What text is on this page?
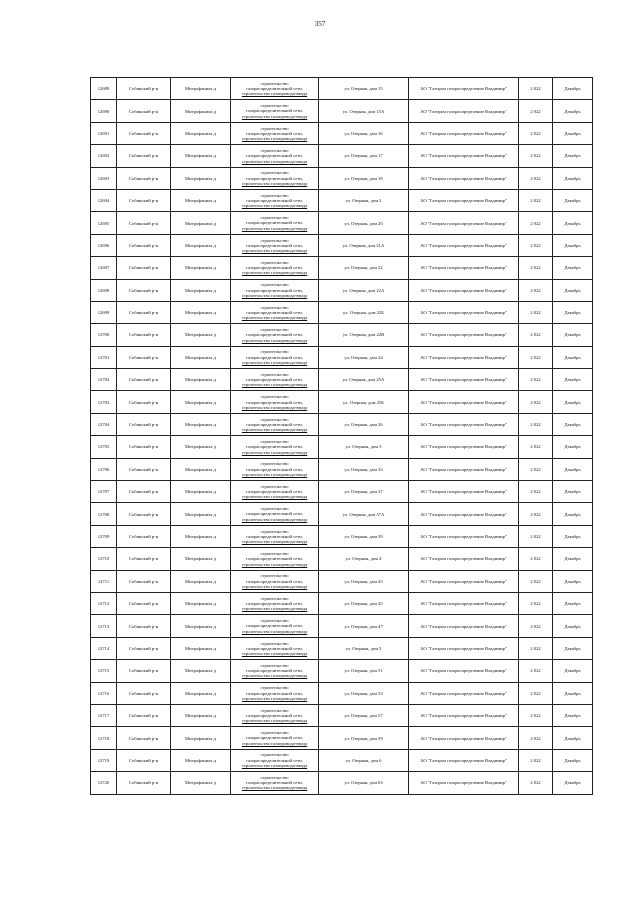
357
12689	Собинский р-н	Митрофаниха д	строительство
газораспределительной сети,
строительство газопровода-ввода	ул. Озерная, дом 15	АО "Газпром газораспределение Владимир"	2 022	Декабрь
12690	Собинский р-н	Митрофаниха д	строительство
газораспределительной сети,
строительство газопровода-ввода	ул. Озерная, дом 15А	АО "Газпром газораспределение Владимир"	2 022	Декабрь
12691	Собинский р-н	Митрофаниха д	строительство
газораспределительной сети,
строительство газопровода-ввода	ул. Озерная, дом 16	АО "Газпром газораспределение Владимир"	2 022	Декабрь
12692	Собинский р-н	Митрофаниха д	строительство
газораспределительной сети,
строительство газопровода-ввода	ул. Озерная, дом 17	АО "Газпром газораспределение Владимир"	2 022	Декабрь
12693	Собинский р-н	Митрофаниха д	строительство
газораспределительной сети,
строительство газопровода-ввода	ул. Озерная, дом 18	АО "Газпром газораспределение Владимир"	2 022	Декабрь
12694	Собинский р-н	Митрофаниха д	строительство
газораспределительной сети,
строительство газопровода-ввода	ул. Озерная, дом 2	АО "Газпром газораспределение Владимир"	2 022	Декабрь
12695	Собинский р-н	Митрофаниха д	строительство
газораспределительной сети,
строительство газопровода-ввода	ул. Озерная, дом 20	АО "Газпром газораспределение Владимир"	2 022	Декабрь
12696	Собинский р-н	Митрофаниха д	строительство
газораспределительной сети,
строительство газопровода-ввода	ул. Озерная, дом 21А	АО "Газпром газораспределение Владимир"	2 022	Декабрь
12697	Собинский р-н	Митрофаниха д	строительство
газораспределительной сети,
строительство газопровода-ввода	ул. Озерная, дом 22	АО "Газпром газораспределение Владимир"	2 022	Декабрь
12698	Собинский р-н	Митрофаниха д	строительство
газораспределительной сети,
строительство газопровода-ввода	ул. Озерная, дом 22А	АО "Газпром газораспределение Владимир"	2 022	Декабрь
12699	Собинский р-н	Митрофаниха д	строительство
газораспределительной сети,
строительство газопровода-ввода	ул. Озерная, дом 22Б	АО "Газпром газораспределение Владимир"	2 022	Декабрь
12700	Собинский р-н	Митрофаниха д	строительство
газораспределительной сети,
строительство газопровода-ввода	ул. Озерная, дом 22В	АО "Газпром газораспределение Владимир"	2 022	Декабрь
12701	Собинский р-н	Митрофаниха д	строительство
газораспределительной сети,
строительство газопровода-ввода	ул. Озерная, дом 24	АО "Газпром газораспределение Владимир"	2 022	Декабрь
12702	Собинский р-н	Митрофаниха д	строительство
газораспределительной сети,
строительство газопровода-ввода	ул. Озерная, дом 25А	АО "Газпром газораспределение Владимир"	2 022	Декабрь
12703	Собинский р-н	Митрофаниха д	строительство
газораспределительной сети,
строительство газопровода-ввода	ул. Озерная, дом 25Б	АО "Газпром газораспределение Владимир"	2 022	Декабрь
12704	Собинский р-н	Митрофаниха д	строительство
газораспределительной сети,
строительство газопровода-ввода	ул. Озерная, дом 26	АО "Газпром газораспределение Владимир"	2 022	Декабрь
12705	Собинский р-н	Митрофаниха д	строительство
газораспределительной сети,
строительство газопровода-ввода	ул. Озерная, дом 3	АО "Газпром газораспределение Владимир"	2 022	Декабрь
12706	Собинский р-н	Митрофаниха д	строительство
газораспределительной сети,
строительство газопровода-ввода	ул. Озерная, дом 33	АО "Газпром газораспределение Владимир"	2 022	Декабрь
12707	Собинский р-н	Митрофаниха д	строительство
газораспределительной сети,
строительство газопровода-ввода	ул. Озерная, дом 37	АО "Газпром газораспределение Владимир"	2 022	Декабрь
12708	Собинский р-н	Митрофаниха д	строительство
газораспределительной сети,
строительство газопровода-ввода	ул. Озерная, дом 37А	АО "Газпром газораспределение Владимир"	2 022	Декабрь
12709	Собинский р-н	Митрофаниха д	строительство
газораспределительной сети,
строительство газопровода-ввода	ул. Озерная, дом 39	АО "Газпром газораспределение Владимир"	2 022	Декабрь
12710	Собинский р-н	Митрофаниха д	строительство
газораспределительной сети,
строительство газопровода-ввода	ул. Озерная, дом 4	АО "Газпром газораспределение Владимир"	2 022	Декабрь
12711	Собинский р-н	Митрофаниха д	строительство
газораспределительной сети,
строительство газопровода-ввода	ул. Озерная, дом 43	АО "Газпром газораспределение Владимир"	2 022	Декабрь
12712	Собинский р-н	Митрофаниха д	строительство
газораспределительной сети,
строительство газопровода-ввода	ул. Озерная, дом 45	АО "Газпром газораспределение Владимир"	2 022	Декабрь
12713	Собинский р-н	Митрофаниха д	строительство
газораспределительной сети,
строительство газопровода-ввода	ул. Озерная, дом 47	АО "Газпром газораспределение Владимир"	2 022	Декабрь
12714	Собинский р-н	Митрофаниха д	строительство
газораспределительной сети,
строительство газопровода-ввода	ул. Озерная, дом 5	АО "Газпром газораспределение Владимир"	2 022	Декабрь
12715	Собинский р-н	Митрофаниха д	строительство
газораспределительной сети,
строительство газопровода-ввода	ул. Озерная, дом 51	АО "Газпром газораспределение Владимир"	2 022	Декабрь
12716	Собинский р-н	Митрофаниха д	строительство
газораспределительной сети,
строительство газопровода-ввода	ул. Озерная, дом 53	АО "Газпром газораспределение Владимир"	2 022	Декабрь
12717	Собинский р-н	Митрофаниха д	строительство
газораспределительной сети,
строительство газопровода-ввода	ул. Озерная, дом 57	АО "Газпром газораспределение Владимир"	2 022	Декабрь
12718	Собинский р-н	Митрофаниха д	строительство
газораспределительной сети,
строительство газопровода-ввода	ул. Озерная, дом 59	АО "Газпром газораспределение Владимир"	2 022	Декабрь
12719	Собинский р-н	Митрофаниха д	строительство
газораспределительной сети,
строительство газопровода-ввода	ул. Озерная, дом 6	АО "Газпром газораспределение Владимир"	2 022	Декабрь
12720	Собинский р-н	Митрофаниха д	строительство
газораспределительной сети,
строительство газопровода-ввода	ул. Озерная, дом 63	АО "Газпром газораспределение Владимир"	2 022	Декабрь
